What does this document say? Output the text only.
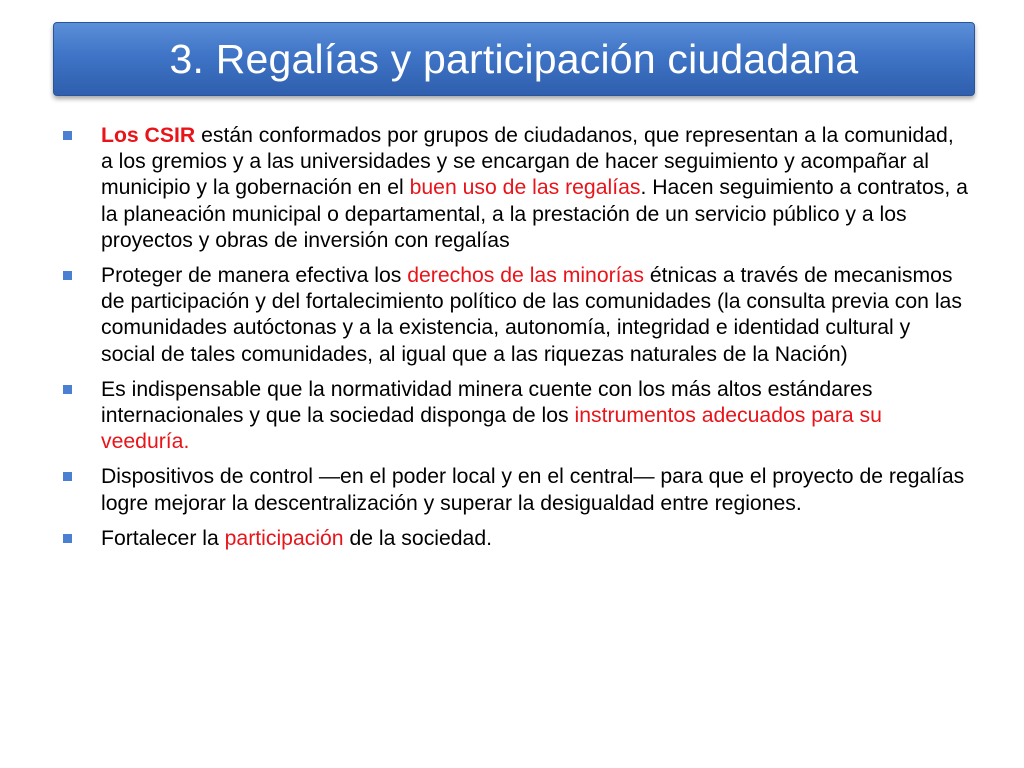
3. Regalías y participación ciudadana
Los CSIR están conformados por grupos de ciudadanos, que representan a la comunidad, a los gremios y a las universidades y se encargan de hacer seguimiento y acompañar al municipio y la gobernación en el buen uso de las regalías. Hacen seguimiento a contratos, a la planeación municipal o departamental, a la prestación de un servicio público y a los proyectos y obras de inversión con regalías
Proteger de manera efectiva los derechos de las minorías étnicas a través de mecanismos de participación y del fortalecimiento político de las comunidades (la consulta previa con las comunidades autóctonas y a la existencia, autonomía, integridad e identidad cultural y social de tales comunidades, al igual que a las riquezas naturales de la Nación)
Es indispensable que la normatividad minera cuente con los más altos estándares internacionales y que la sociedad disponga de los instrumentos adecuados para su veeduría.
Dispositivos de control —en el poder local y en el central— para que el proyecto de regalías logre mejorar la descentralización y superar la desigualdad entre regiones.
Fortalecer la participación de la sociedad.
